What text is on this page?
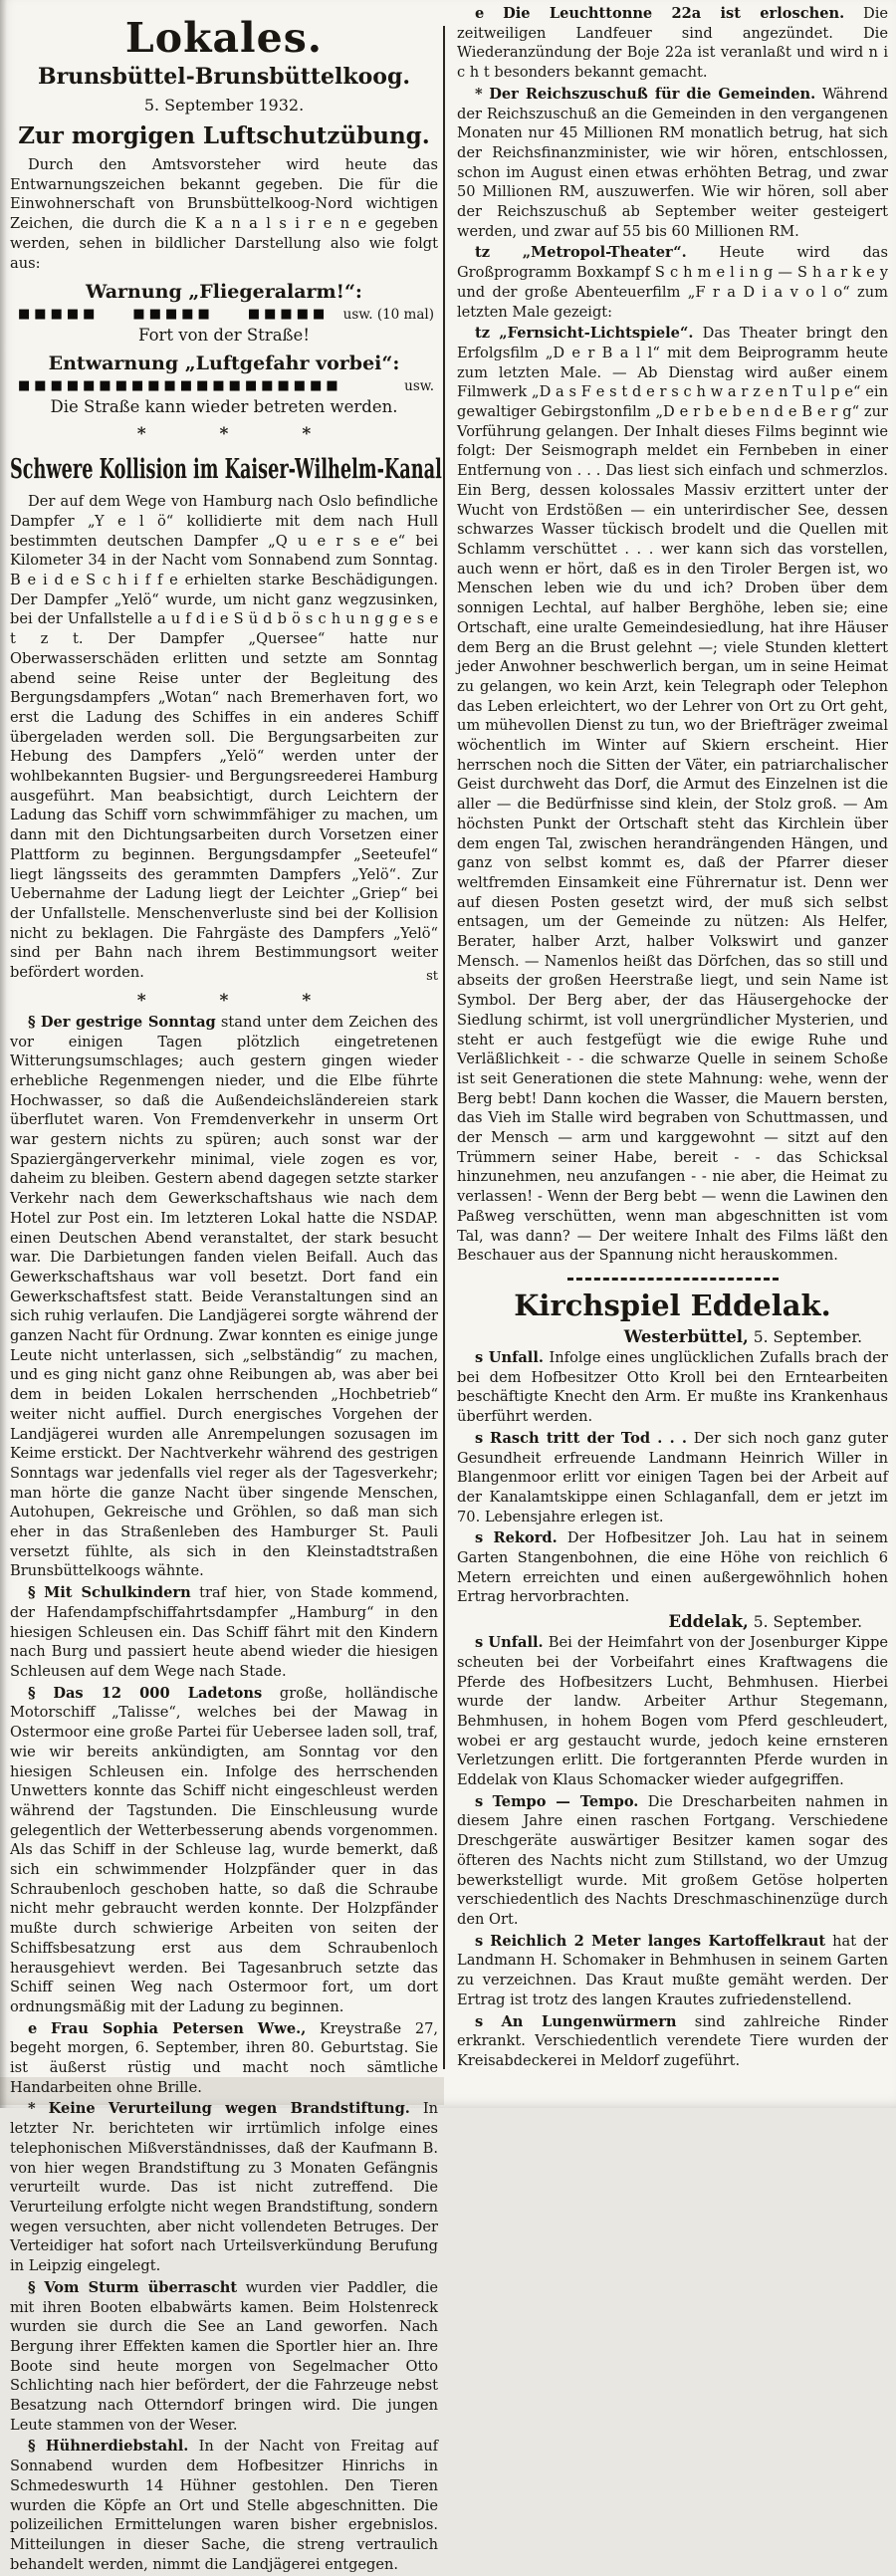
Lokales.
Brunsbüttel-Brunsbüttelkoog.
5. September 1932.
Zur morgigen Luftschutzübung.

Durch den Amtsvorsteher wird heute das Entwarnungszeichen bekannt gegeben. Die für die Einwohnerschaft von Brunsbüttelkoog-Nord wichtigen Zeichen, die durch die K a n a l s i r e n e gegeben werden, sehen in bildlicher Darstellung also wie folgt aus:

Warnung „Fliegeralarm!“:
■■■■■	■■■■■	■■■■■ usw. (10 mal)
Fort von der Straße!
Entwarnung „Luftgefahr vorbei“:
■■■■■■■■■■■■■■■■■■■■	usw.
Die Straße kann wieder betreten werden.
* * *
Schwere Kollision im Kaiser-Wilhelm-Kanal

Der auf dem Wege von Hamburg nach Oslo befindliche Dampfer „Y e l ö“ kollidierte mit dem nach Hull bestimmten deutschen Dampfer „Q u e r s e e“ bei Kilometer 34 in der Nacht vom Sonnabend zum Sonntag. B e i d e S c h i f f e erhielten starke Beschädigungen. Der Dampfer „Yelö“ wurde, um nicht ganz wegzusinken, bei der Unfallstelle a u f d i e S ü d b ö s c h u n g g e s e t z t. Der Dampfer „Quersee“ hatte nur Oberwasserschäden erlitten und setzte am Sonntag abend seine Reise unter der Begleitung des Bergungsdampfers „Wotan“ nach Bremerhaven fort, wo erst die Ladung des Schiffes in ein anderes Schiff übergeladen werden soll. Die Bergungsarbeiten zur Hebung des Dampfers „Yelö“ werden unter der wohlbekannten Bugsier- und Bergungsreederei Hamburg ausgeführt. Man beabsichtigt, durch Leichtern der Ladung das Schiff vorn schwimmfähiger zu machen, um dann mit den Dichtungsarbeiten durch Vorsetzen einer Plattform zu beginnen. Bergungsdampfer „Seeteufel“ liegt längsseits des gerammten Dampfers „Yelö“. Zur Uebernahme der Ladung liegt der Leichter „Griep“ bei der Unfallstelle. Menschenverluste sind bei der Kollision nicht zu beklagen. Die Fahrgäste des Dampfers „Yelö“ sind per Bahn nach ihrem Bestimmungsort weiter befördert worden.	st

* * *

§ Der gestrige Sonntag stand unter dem Zeichen des vor einigen Tagen plötzlich eingetretenen Witterungsumschlages; auch gestern gingen wieder erhebliche Regenmengen nieder, und die Elbe führte Hochwasser, so daß die Außendeichsländereien stark überflutet waren. Von Fremdenverkehr in unserm Ort war gestern nichts zu spüren; auch sonst war der Spaziergängerverkehr minimal, viele zogen es vor, daheim zu bleiben. Gestern abend dagegen setzte starker Verkehr nach dem Gewerkschaftshaus wie nach dem Hotel zur Post ein. Im letzteren Lokal hatte die NSDAP. einen Deutschen Abend veranstaltet, der stark besucht war. Die Darbietungen fanden vielen Beifall. Auch das Gewerkschaftshaus war voll besetzt. Dort fand ein Gewerkschaftsfest statt. Beide Veranstaltungen sind an sich ruhig verlaufen. Die Landjägerei sorgte während der ganzen Nacht für Ordnung. Zwar konnten es einige junge Leute nicht unterlassen, sich „selbständig“ zu machen, und es ging nicht ganz ohne Reibungen ab, was aber bei dem in beiden Lokalen herrschenden „Hochbetrieb“ weiter nicht auffiel. Durch energisches Vorgehen der Landjägerei wurden alle Anrempelungen sozusagen im Keime erstickt. Der Nachtverkehr während des gestrigen Sonntags war jedenfalls viel reger als der Tagesverkehr; man hörte die ganze Nacht über singende Menschen, Autohupen, Gekreische und Gröhlen, so daß man sich eher in das Straßenleben des Hamburger St. Pauli versetzt fühlte, als sich in den Kleinstadtstraßen Brunsbüttelkoogs wähnte.

§ Mit Schulkindern traf hier, von Stade kommend, der Hafendampfschiffahrtsdampfer „Hamburg“ in den hiesigen Schleusen ein. Das Schiff fährt mit den Kindern nach Burg und passiert heute abend wieder die hiesigen Schleusen auf dem Wege nach Stade.

§ Das 12 000 Ladetons große, holländische Motorschiff „Talisse“, welches bei der Mawag in Ostermoor eine große Partei für Uebersee laden soll, traf, wie wir bereits ankündigten, am Sonntag vor den hiesigen Schleusen ein. Infolge des herrschenden Unwetters konnte das Schiff nicht eingeschleust werden während der Tagstunden. Die Einschleusung wurde gelegentlich der Wetterbesserung abends vorgenommen. Als das Schiff in der Schleuse lag, wurde bemerkt, daß sich ein schwimmender Holzpfänder quer in das Schraubenloch geschoben hatte, so daß die Schraube nicht mehr gebraucht werden konnte. Der Holzpfänder mußte durch schwierige Arbeiten von seiten der Schiffsbesatzung erst aus dem Schraubenloch herausgehievt werden. Bei Tagesanbruch setzte das Schiff seinen Weg nach Ostermoor fort, um dort ordnungsmäßig mit der Ladung zu beginnen.

e Frau Sophia Petersen Wwe., Kreystraße 27, begeht morgen, 6. September, ihren 80. Geburtstag. Sie ist äußerst rüstig und macht noch sämtliche Handarbeiten ohne Brille.

* Keine Verurteilung wegen Brandstiftung. In letzter Nr. berichteten wir irrtümlich infolge eines telephonischen Mißverständnisses, daß der Kaufmann B. von hier wegen Brandstiftung zu 3 Monaten Gefängnis verurteilt wurde. Das ist nicht zutreffend. Die Verurteilung erfolgte nicht wegen Brandstiftung, sondern wegen versuchten, aber nicht vollendeten Betruges. Der Verteidiger hat sofort nach Urteilsverkündung Berufung in Leipzig eingelegt.

§ Vom Sturm überrascht wurden vier Paddler, die mit ihren Booten elbabwärts kamen. Beim Holstenreck wurden sie durch die See an Land geworfen. Nach Bergung ihrer Effekten kamen die Sportler hier an. Ihre Boote sind heute morgen von Segelmacher Otto Schlichting nach hier befördert, der die Fahrzeuge nebst Besatzung nach Otterndorf bringen wird. Die jungen Leute stammen von der Weser.

§ Hühnerdiebstahl. In der Nacht von Freitag auf Sonnabend wurden dem Hofbesitzer Hinrichs in Schmedeswurth 14 Hühner gestohlen. Den Tieren wurden die Köpfe an Ort und Stelle abgeschnitten. Die polizeilichen Ermittelungen waren bisher ergebnislos. Mitteilungen in dieser Sache, die streng vertraulich behandelt werden, nimmt die Landjägerei entgegen.

e Die Leuchttonne 22a ist erloschen. Die zeitweiligen Landfeuer sind angezündet. Die Wiederanzündung der Boje 22a ist veranlaßt und wird n i c h t besonders bekannt gemacht.

* Der Reichszuschuß für die Gemeinden. Während der Reichszuschuß an die Gemeinden in den vergangenen Monaten nur 45 Millionen RM monatlich betrug, hat sich der Reichsfinanzminister, wie wir hören, entschlossen, schon im August einen etwas erhöhten Betrag, und zwar 50 Millionen RM, auszuwerfen. Wie wir hören, soll aber der Reichszuschuß ab September weiter gesteigert werden, und zwar auf 55 bis 60 Millionen RM.

tz „Metropol-Theater“. Heute wird das Großprogramm Boxkampf S c h m e l i n g — S h a r k e y und der große Abenteuerfilm „F r a D i a v o l o“ zum letzten Male gezeigt:

tz „Fernsicht-Lichtspiele“. Das Theater bringt den Erfolgsfilm „D e r B a l l“ mit dem Beiprogramm heute zum letzten Male. — Ab Dienstag wird außer einem Filmwerk „D a s F e s t d e r s c h w a r z e n T u l p e“ ein gewaltiger Gebirgstonfilm „D e r b e b e n d e B e r g“ zur Vorführung gelangen. Der Inhalt dieses Films beginnt wie folgt: Der Seismograph meldet ein Fernbeben in einer Entfernung von . . . Das liest sich einfach und schmerzlos. Ein Berg, dessen kolossales Massiv erzittert unter der Wucht von Erdstößen — ein unterirdischer See, dessen schwarzes Wasser tückisch brodelt und die Quellen mit Schlamm verschüttet . . . wer kann sich das vorstellen, auch wenn er hört, daß es in den Tiroler Bergen ist, wo Menschen leben wie du und ich? Droben über dem sonnigen Lechtal, auf halber Berghöhe, leben sie; eine Ortschaft, eine uralte Gemeindesiedlung, hat ihre Häuser dem Berg an die Brust gelehnt —; viele Stunden klettert jeder Anwohner beschwerlich bergan, um in seine Heimat zu gelangen, wo kein Arzt, kein Telegraph oder Telephon das Leben erleichtert, wo der Lehrer von Ort zu Ort geht, um mühevollen Dienst zu tun, wo der Briefträger zweimal wöchentlich im Winter auf Skiern erscheint. Hier herrschen noch die Sitten der Väter, ein patriarchalischer Geist durchweht das Dorf, die Armut des Einzelnen ist die aller — die Bedürfnisse sind klein, der Stolz groß. — Am höchsten Punkt der Ortschaft steht das Kirchlein über dem engen Tal, zwischen herandrängenden Hängen, und ganz von selbst kommt es, daß der Pfarrer dieser weltfremden Einsamkeit eine Führernatur ist. Denn wer auf diesen Posten gesetzt wird, der muß sich selbst entsagen, um der Gemeinde zu nützen: Als Helfer, Berater, halber Arzt, halber Volkswirt und ganzer Mensch. — Namenlos heißt das Dörfchen, das so still und abseits der großen Heerstraße liegt, und sein Name ist Symbol. Der Berg aber, der das Häusergehocke der Siedlung schirmt, ist voll unergründlicher Mysterien, und steht er auch festgefügt wie die ewige Ruhe und Verläßlichkeit - - die schwarze Quelle in seinem Schoße ist seit Generationen die stete Mahnung: wehe, wenn der Berg bebt! Dann kochen die Wasser, die Mauern bersten, das Vieh im Stalle wird begraben von Schuttmassen, und der Mensch — arm und karggewohnt — sitzt auf den Trümmern seiner Habe, bereit - - das Schicksal hinzunehmen, neu anzufangen - - nie aber, die Heimat zu verlassen! - Wenn der Berg bebt — wenn die Lawinen den Paßweg verschütten, wenn man abgeschnitten ist vom Tal, was dann? — Der weitere Inhalt des Films läßt den Beschauer aus der Spannung nicht herauskommen.

Kirchspiel Eddelak.
Westerbüttel, 5. September.

s Unfall. Infolge eines unglücklichen Zufalls brach der bei dem Hofbesitzer Otto Kroll bei den Erntearbeiten beschäftigte Knecht den Arm. Er mußte ins Krankenhaus überführt werden.

s Rasch tritt der Tod . . . Der sich noch ganz guter Gesundheit erfreuende Landmann Heinrich Willer in Blangenmoor erlitt vor einigen Tagen bei der Arbeit auf der Kanalamtskippe einen Schlaganfall, dem er jetzt im 70. Lebensjahre erlegen ist.

s Rekord. Der Hofbesitzer Joh. Lau hat in seinem Garten Stangenbohnen, die eine Höhe von reichlich 6 Metern erreichten und einen außergewöhnlich hohen Ertrag hervorbrachten.

Eddelak, 5. September.

s Unfall. Bei der Heimfahrt von der Josenburger Kippe scheuten bei der Vorbeifahrt eines Kraftwagens die Pferde des Hofbesitzers Lucht, Behmhusen. Hierbei wurde der landw. Arbeiter Arthur Stegemann, Behmhusen, in hohem Bogen vom Pferd geschleudert, wobei er arg gestaucht wurde, jedoch keine ernsteren Verletzungen erlitt. Die fortgerannten Pferde wurden in Eddelak von Klaus Schomacker wieder aufgegriffen.

s Tempo — Tempo. Die Drescharbeiten nahmen in diesem Jahre einen raschen Fortgang. Verschiedene Dreschgeräte auswärtiger Besitzer kamen sogar des öfteren des Nachts nicht zum Stillstand, wo der Umzug bewerkstelligt wurde. Mit großem Getöse holperten verschiedentlich des Nachts Dreschmaschinenzüge durch den Ort.

s Reichlich 2 Meter langes Kartoffelkraut hat der Landmann H. Schomaker in Behmhusen in seinem Garten zu verzeichnen. Das Kraut mußte gemäht werden. Der Ertrag ist trotz des langen Krautes zufriedenstellend.

s An Lungenwürmern sind zahlreiche Rinder erkrankt. Verschiedentlich verendete Tiere wurden der Kreisabdeckerei in Meldorf zugeführt.
